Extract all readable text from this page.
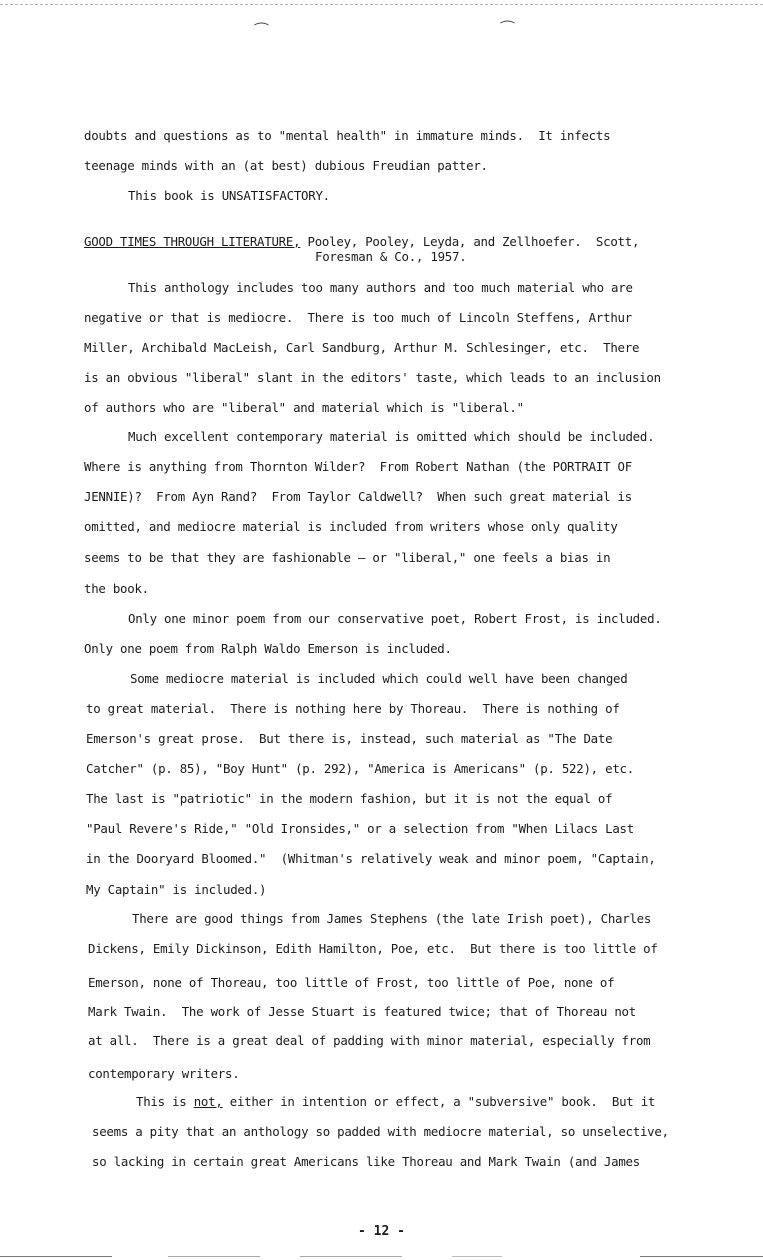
⁀	⁀
doubts and questions as to "mental health" in immature minds.  It infects
teenage minds with an (at best) dubious Freudian patter.
This book is UNSATISFACTORY.
GOOD TIMES THROUGH LITERATURE, Pooley, Pooley, Leyda, and Zellhoefer.  Scott,
Foresman & Co., 1957.
This anthology includes too many authors and too much material who are
negative or that is mediocre.  There is too much of Lincoln Steffens, Arthur
Miller, Archibald MacLeish, Carl Sandburg, Arthur M. Schlesinger, etc.  There
is an obvious "liberal" slant in the editors' taste, which leads to an inclusion
of authors who are "liberal" and material which is "liberal."
Much excellent contemporary material is omitted which should be included.
Where is anything from Thornton Wilder?  From Robert Nathan (the PORTRAIT OF
JENNIE)?  From Ayn Rand?  From Taylor Caldwell?  When such great material is
omitted, and mediocre material is included from writers whose only quality
seems to be that they are fashionable — or "liberal," one feels a bias in
the book.
Only one minor poem from our conservative poet, Robert Frost, is included.
Only one poem from Ralph Waldo Emerson is included.
Some mediocre material is included which could well have been changed
to great material.  There is nothing here by Thoreau.  There is nothing of
Emerson's great prose.  But there is, instead, such material as "The Date
Catcher" (p. 85), "Boy Hunt" (p. 292), "America is Americans" (p. 522), etc.
The last is "patriotic" in the modern fashion, but it is not the equal of
"Paul Revere's Ride," "Old Ironsides," or a selection from "When Lilacs Last
in the Dooryard Bloomed."  (Whitman's relatively weak and minor poem, "Captain,
My Captain" is included.)
There are good things from James Stephens (the late Irish poet), Charles
Dickens, Emily Dickinson, Edith Hamilton, Poe, etc.  But there is too little of
Emerson, none of Thoreau, too little of Frost, too little of Poe, none of
Mark Twain.  The work of Jesse Stuart is featured twice; that of Thoreau not
at all.  There is a great deal of padding with minor material, especially from
contemporary writers.
This is not, either in intention or effect, a "subversive" book.  But it
seems a pity that an anthology so padded with mediocre material, so unselective,
so lacking in certain great Americans like Thoreau and Mark Twain (and James
- 12 -
